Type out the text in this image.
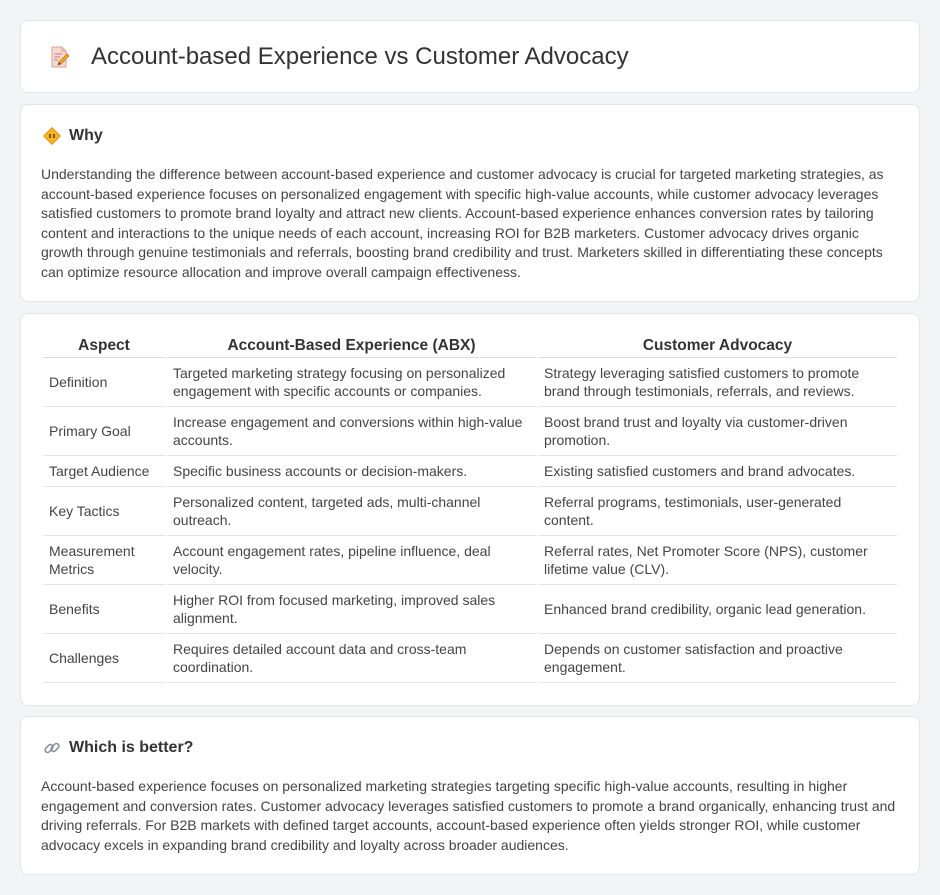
Account-based Experience vs Customer Advocacy
Why

Understanding the difference between account-based experience and customer advocacy is crucial for targeted marketing strategies, as account-based experience focuses on personalized engagement with specific high-value accounts, while customer advocacy leverages satisfied customers to promote brand loyalty and attract new clients. Account-based experience enhances conversion rates by tailoring content and interactions to the unique needs of each account, increasing ROI for B2B marketers. Customer advocacy drives organic growth through genuine testimonials and referrals, boosting brand credibility and trust. Marketers skilled in differentiating these concepts can optimize resource allocation and improve overall campaign effectiveness.

Aspect	Account-Based Experience (ABX)	Customer Advocacy
Definition	Targeted marketing strategy focusing on personalized engagement with specific accounts or companies.	Strategy leveraging satisfied customers to promote brand through testimonials, referrals, and reviews.
Primary Goal	Increase engagement and conversions within high-value accounts.	Boost brand trust and loyalty via customer-driven promotion.
Target Audience	Specific business accounts or decision-makers.	Existing satisfied customers and brand advocates.
Key Tactics	Personalized content, targeted ads, multi-channel outreach.	Referral programs, testimonials, user-generated content.
Measurement Metrics	Account engagement rates, pipeline influence, deal velocity.	Referral rates, Net Promoter Score (NPS), customer lifetime value (CLV).
Benefits	Higher ROI from focused marketing, improved sales alignment.	Enhanced brand credibility, organic lead generation.
Challenges	Requires detailed account data and cross-team coordination.	Depends on customer satisfaction and proactive engagement.
Which is better?

Account-based experience focuses on personalized marketing strategies targeting specific high-value accounts, resulting in higher engagement and conversion rates. Customer advocacy leverages satisfied customers to promote a brand organically, enhancing trust and driving referrals. For B2B markets with defined target accounts, account-based experience often yields stronger ROI, while customer advocacy excels in expanding brand credibility and loyalty across broader audiences.
